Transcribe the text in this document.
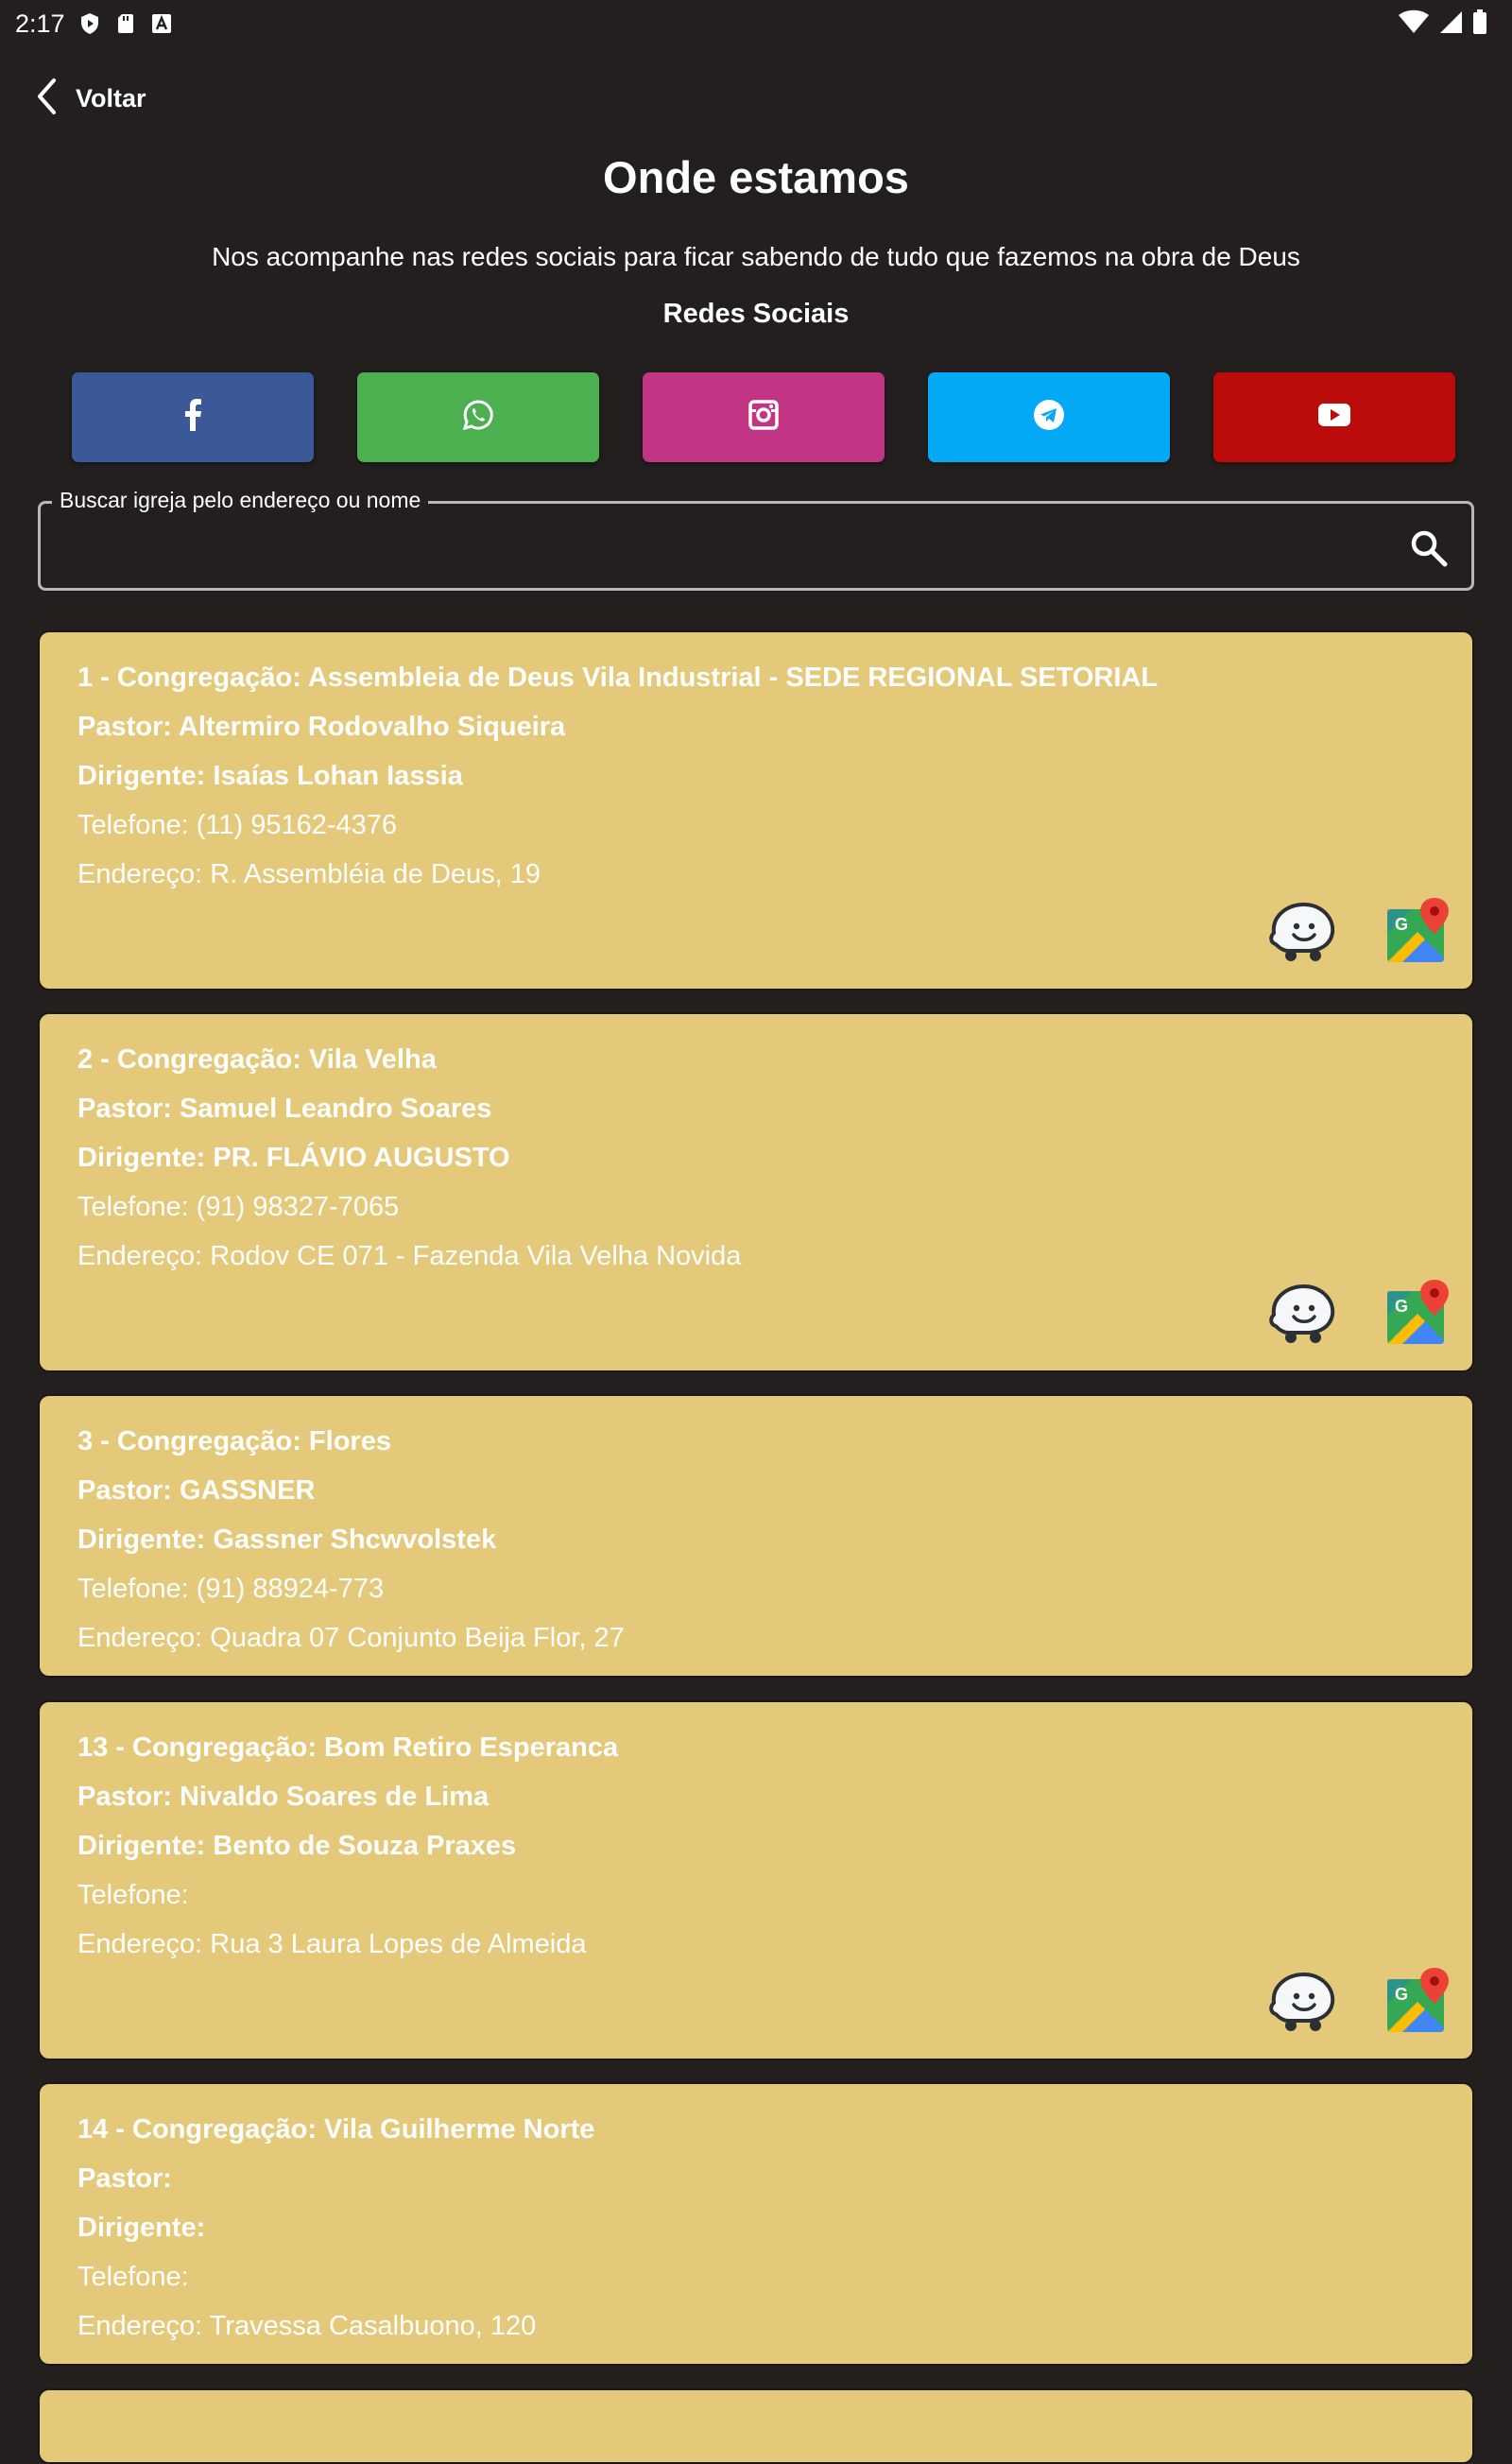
2:17
Voltar
Onde estamos
Nos acompanhe nas redes sociais para ficar sabendo de tudo que fazemos na obra de Deus
Redes Sociais
Buscar igreja pelo endereço ou nome
1 - Congregação: Assembleia de Deus Vila Industrial - SEDE REGIONAL SETORIAL
Pastor: Altermiro Rodovalho Siqueira
Dirigente: Isaías Lohan Iassia
Telefone: (11) 95162-4376
Endereço: R. Assembléia de Deus, 19
G
2 - Congregação: Vila Velha
Pastor: Samuel Leandro Soares
Dirigente: PR. FLÁVIO AUGUSTO
Telefone: (91) 98327-7065
Endereço: Rodov CE 071 - Fazenda Vila Velha Novida
G
3 - Congregação: Flores
Pastor: GASSNER
Dirigente: Gassner Shcwvolstek
Telefone: (91) 88924-773
Endereço: Quadra 07 Conjunto Beija Flor, 27
13 - Congregação: Bom Retiro Esperanca
Pastor: Nivaldo Soares de Lima
Dirigente: Bento de Souza Praxes
Telefone:
Endereço: Rua 3 Laura Lopes de Almeida
G
14 - Congregação: Vila Guilherme Norte
Pastor:
Dirigente:
Telefone:
Endereço: Travessa Casalbuono, 120
